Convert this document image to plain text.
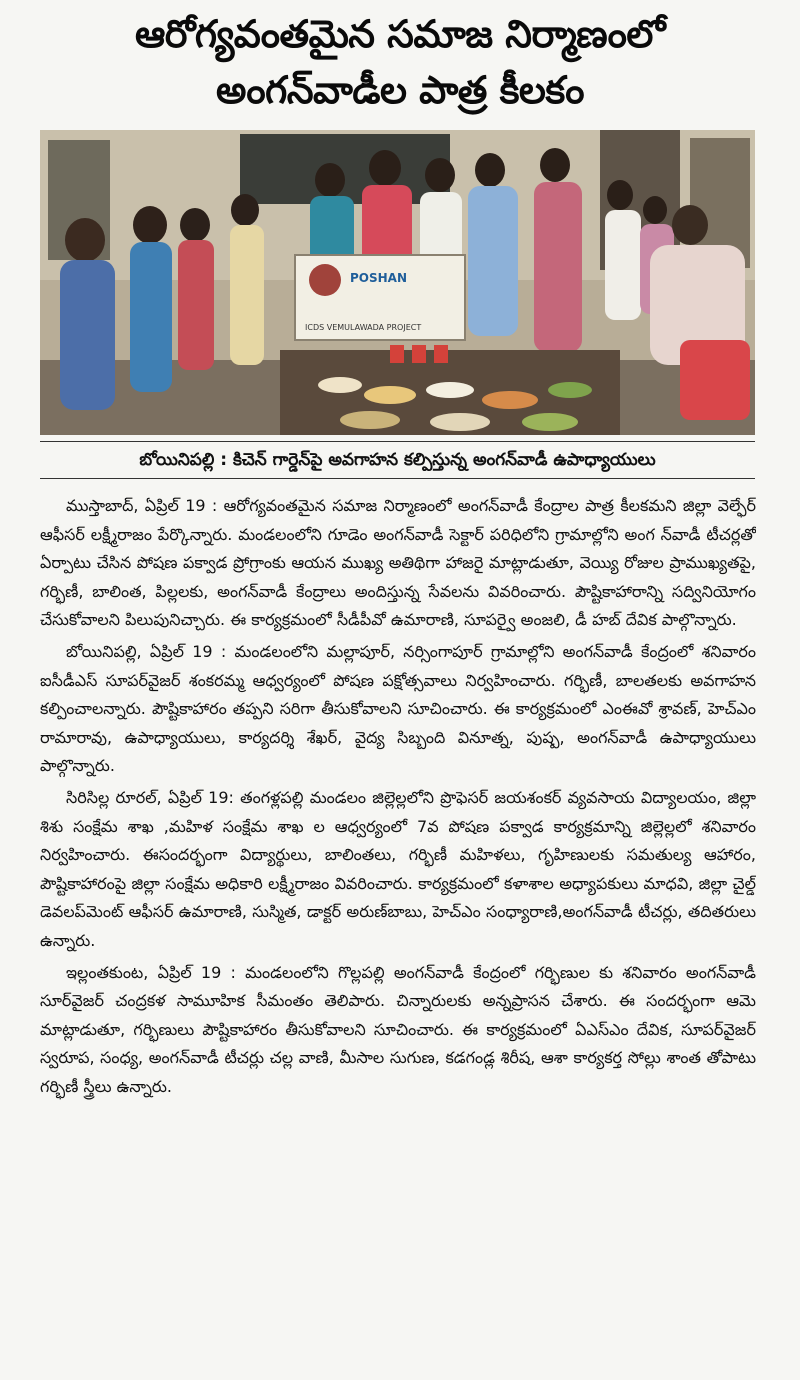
ఆరోగ్యవంతమైన సమాజ నిర్మాణంలో
అంగన్‌వాడీల పాత్ర కీలకం
POSHAN
ICDS VEMULAWADA PROJECT
బోయినిపల్లి : కిచెన్ గార్డెన్‌పై అవగాహన కల్పిస్తున్న అంగన్‌వాడీ ఉపాధ్యాయులు

ముస్తాబాద్, ఏప్రిల్ 19 : ఆరోగ్యవంతమైన సమాజ నిర్మాణంలో అంగన్‌వాడీ కేంద్రాల పాత్ర కీలకమని జిల్లా వెల్ఫేర్ ఆఫీసర్ లక్ష్మీరాజం పేర్కొన్నారు. మండలంలోని గూడెం అంగన్‌వాడీ సెక్టార్ పరిధిలోని గ్రామాల్లోని అంగ న్‌వాడీ టీచర్లతో ఏర్పాటు చేసిన పోషణ పక్వాడ ప్రోగ్రాంకు ఆయన ముఖ్య అతిథిగా హాజరై మాట్లాడుతూ, వెయ్యి రోజుల ప్రాముఖ్యతపై, గర్భిణీ, బాలింత, పిల్లలకు, అంగన్‌వాడీ కేంద్రాలు అందిస్తున్న సేవలను వివరించారు. పౌష్టికాహారాన్ని సద్వినియోగం చేసుకోవాలని పిలుపునిచ్చారు. ఈ కార్యక్రమంలో సీడీపీవో ఉమారాణి, సూపర్వై అంజలి, డీ హబ్ దేవిక పాల్గొన్నారు.

బోయినిపల్లి, ఏప్రిల్ 19 : మండలంలోని మల్లాపూర్, నర్సింగాపూర్ గ్రామాల్లోని అంగన్‌వాడీ కేంద్రంలో శనివారం ఐసీడీఎస్ సూపర్‌వైజర్ శంకరమ్మ ఆధ్వర్యంలో పోషణ పక్షోత్సవాలు నిర్వహించారు. గర్భిణీ, బాలతలకు అవగాహన కల్పించాలన్నారు. పౌష్టికాహారం తప్పని సరిగా తీసుకోవాలని సూచించారు. ఈ కార్యక్రమంలో ఎంఈవో శ్రావణ్, హెచ్‌ఎం రామారావు, ఉపాధ్యాయులు, కార్యదర్శి శేఖర్, వైద్య సిబ్బంది వినూత్న, పుష్ప, అంగన్‌వాడీ ఉపాధ్యాయులు పాల్గొన్నారు.

సిరిసిల్ల రూరల్, ఏప్రిల్ 19: తంగళ్లపల్లి మండలం జిల్లెల్లలోని ప్రొఫెసర్ జయశంకర్ వ్యవసాయ విద్యాలయం, జిల్లా శిశు సంక్షేమ శాఖ ,మహిళ సంక్షేమ శాఖ ల ఆధ్వర్యంలో 7వ పోషణ పక్వాడ కార్యక్రమాన్ని జిల్లెల్లలో శనివారం నిర్వహించారు. ఈసందర్భంగా విద్యార్థులు, బాలింతలు, గర్భిణీ మహిళలు, గృహిణులకు సమతుల్య ఆహారం, పౌష్టికాహారంపై జిల్లా సంక్షేమ అధికారి లక్ష్మీరాజం వివరించారు. కార్యక్రమంలో కళాశాల అధ్యాపకులు మాధవి, జిల్లా చైల్డ్ డెవలప్‌మెంట్ ఆఫీసర్ ఉమారాణి, సుస్మిత, డాక్టర్ అరుణ్‌బాబు, హెచ్‌ఎం సంధ్యారాణి,అంగన్‌వాడీ టీచర్లు, తదితరులు ఉన్నారు.

ఇల్లంతకుంట, ఏప్రిల్ 19 : మండలంలోని గొల్లపల్లి అంగన్‌వాడీ కేంద్రంలో గర్భిణుల కు శనివారం అంగన్‌వాడీ సూర్‌వైజర్ చంద్రకళ సామూహిక సీమంతం తెలిపారు. చిన్నారులకు అన్నప్రాసన చేశారు. ఈ సందర్భంగా ఆమె మాట్లాడుతూ, గర్భిణులు పౌష్టికాహారం తీసుకోవాలని సూచించారు. ఈ కార్యక్రమంలో ఏఎస్‌ఎం దేవిక, సూపర్‌వైజర్ స్వరూప, సంధ్య, అంగన్‌వాడీ టీచర్లు చల్ల వాణి, మీసాల సుగుణ, కడగండ్ల శిరీష, ఆశా కార్యకర్త సోల్లు శాంత తోపాటు గర్భిణీ స్త్రీలు ఉన్నారు.
